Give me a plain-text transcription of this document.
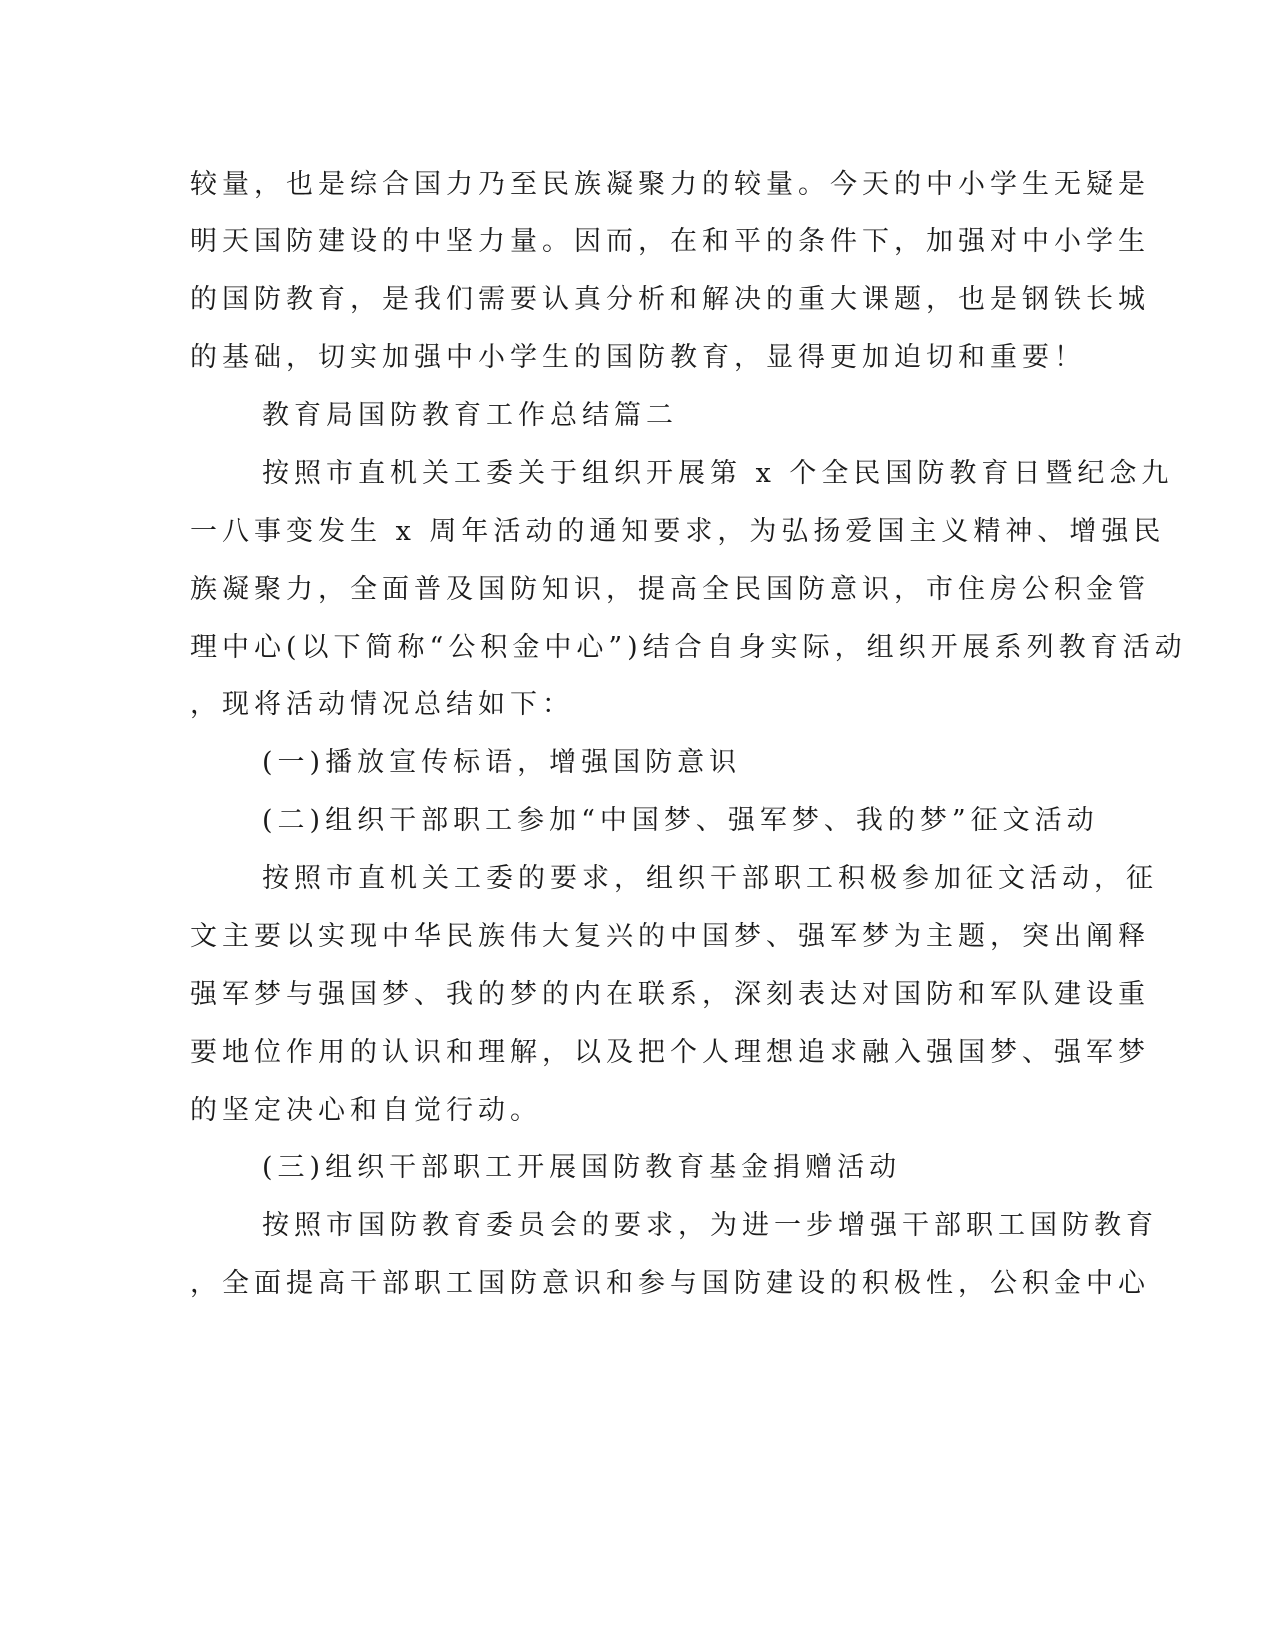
较量，也是综合国力乃至民族凝聚力的较量。今天的中小学生无疑是
明天国防建设的中坚力量。因而，在和平的条件下，加强对中小学生
的国防教育，是我们需要认真分析和解决的重大课题，也是钢铁长城
的基础，切实加强中小学生的国防教育，显得更加迫切和重要！
教育局国防教育工作总结篇二
按照市直机关工委关于组织开展第 x 个全民国防教育日暨纪念九
一八事变发生 x 周年活动的通知要求，为弘扬爱国主义精神、增强民
族凝聚力，全面普及国防知识，提高全民国防意识，市住房公积金管
理中心(以下简称“公积金中心”)结合自身实际，组织开展系列教育活动
，现将活动情况总结如下：
(一)播放宣传标语，增强国防意识
(二)组织干部职工参加“中国梦、强军梦、我的梦”征文活动
按照市直机关工委的要求，组织干部职工积极参加征文活动，征
文主要以实现中华民族伟大复兴的中国梦、强军梦为主题，突出阐释
强军梦与强国梦、我的梦的内在联系，深刻表达对国防和军队建设重
要地位作用的认识和理解，以及把个人理想追求融入强国梦、强军梦
的坚定决心和自觉行动。
(三)组织干部职工开展国防教育基金捐赠活动
按照市国防教育委员会的要求，为进一步增强干部职工国防教育
，全面提高干部职工国防意识和参与国防建设的积极性，公积金中心
